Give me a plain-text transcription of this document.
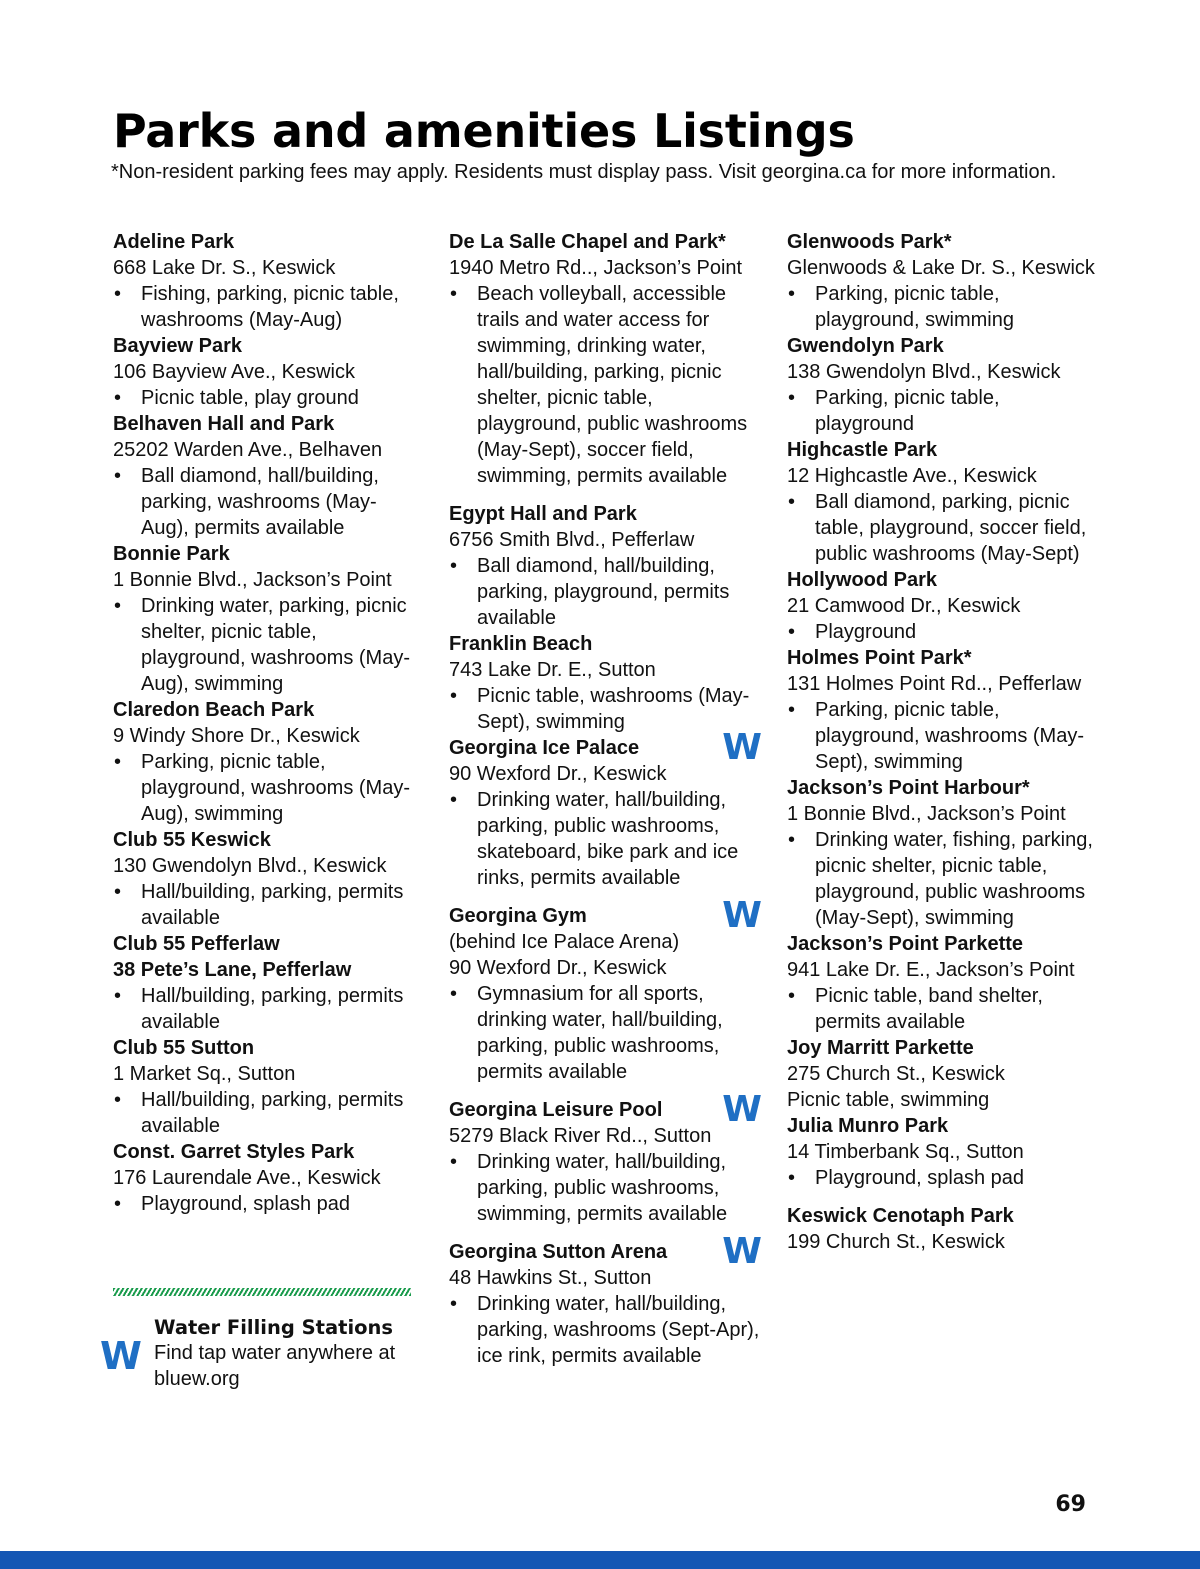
Parks and amenities Listings

*Non-resident parking fees may apply. Residents must display pass. Visit georgina.ca for more information.

Adeline Park
668 Lake Dr. S., Keswick
• Fishing, parking, picnic table, washrooms (May-Aug)
Bayview Park
106 Bayview Ave., Keswick
• Picnic table, play ground
Belhaven Hall and Park
25202 Warden Ave., Belhaven
• Ball diamond, hall/building, parking, washrooms (May-Aug), permits available
Bonnie Park
1 Bonnie Blvd., Jackson’s Point
• Drinking water, parking, picnic shelter, picnic table, playground, washrooms (May-Aug), swimming
Claredon Beach Park
9 Windy Shore Dr., Keswick
• Parking, picnic table, playground, washrooms (May-Aug), swimming
Club 55 Keswick
130 Gwendolyn Blvd., Keswick
• Hall/building, parking, permits available
Club 55 Pefferlaw
38 Pete’s Lane, Pefferlaw
• Hall/building, parking, permits available
Club 55 Sutton
1 Market Sq., Sutton
• Hall/building, parking, permits available
Const. Garret Styles Park
176 Laurendale Ave., Keswick
• Playground, splash pad
W
Water Filling Stations

Find tap water anywhere at bluew.org

De La Salle Chapel and Park*
1940 Metro Rd.., Jackson’s Point
• Beach volleyball, accessible trails and water access for swimming, drinking water, hall/building, parking, picnic shelter, picnic table, playground, public washrooms (May-Sept), soccer field, swimming, permits available
Egypt Hall and Park
6756 Smith Blvd., Pefferlaw
• Ball diamond, hall/building, parking, playground, permits available
Franklin Beach
743 Lake Dr. E., Sutton
• Picnic table, washrooms (May-Sept), swimming
Georgina Ice Palace W
90 Wexford Dr., Keswick
• Drinking water, hall/building, parking, public washrooms, skateboard, bike park and ice rinks, permits available
Georgina Gym	W
(behind Ice Palace Arena)
90 Wexford Dr., Keswick
• Gymnasium for all sports, drinking water, hall/building, parking, public washrooms, permits available
Georgina Leisure Pool W
5279 Black River Rd.., Sutton
• Drinking water, hall/building, parking, public washrooms, swimming, permits available
Georgina Sutton Arena W
48 Hawkins St., Sutton
• Drinking water, hall/building, parking, washrooms (Sept-Apr), ice rink, permits available
Glenwoods Park*
Glenwoods & Lake Dr. S., Keswick
• Parking, picnic table, playground, swimming
Gwendolyn Park
138 Gwendolyn Blvd., Keswick
• Parking, picnic table, playground
Highcastle Park
12 Highcastle Ave., Keswick
• Ball diamond, parking, picnic table, playground, soccer field, public washrooms (May-Sept)
Hollywood Park
21 Camwood Dr., Keswick
• Playground
Holmes Point Park*
131 Holmes Point Rd.., Pefferlaw
• Parking, picnic table, playground, washrooms (May-Sept), swimming
Jackson’s Point Harbour*
1 Bonnie Blvd., Jackson’s Point
• Drinking water, fishing, parking, picnic shelter, picnic table, playground, public washrooms (May-Sept), swimming
Jackson’s Point Parkette
941 Lake Dr. E., Jackson’s Point
• Picnic table, band shelter, permits available
Joy Marritt Parkette
275 Church St., Keswick
Picnic table, swimming
Julia Munro Park
14 Timberbank Sq., Sutton
• Playground, splash pad
Keswick Cenotaph Park
199 Church St., Keswick
69
